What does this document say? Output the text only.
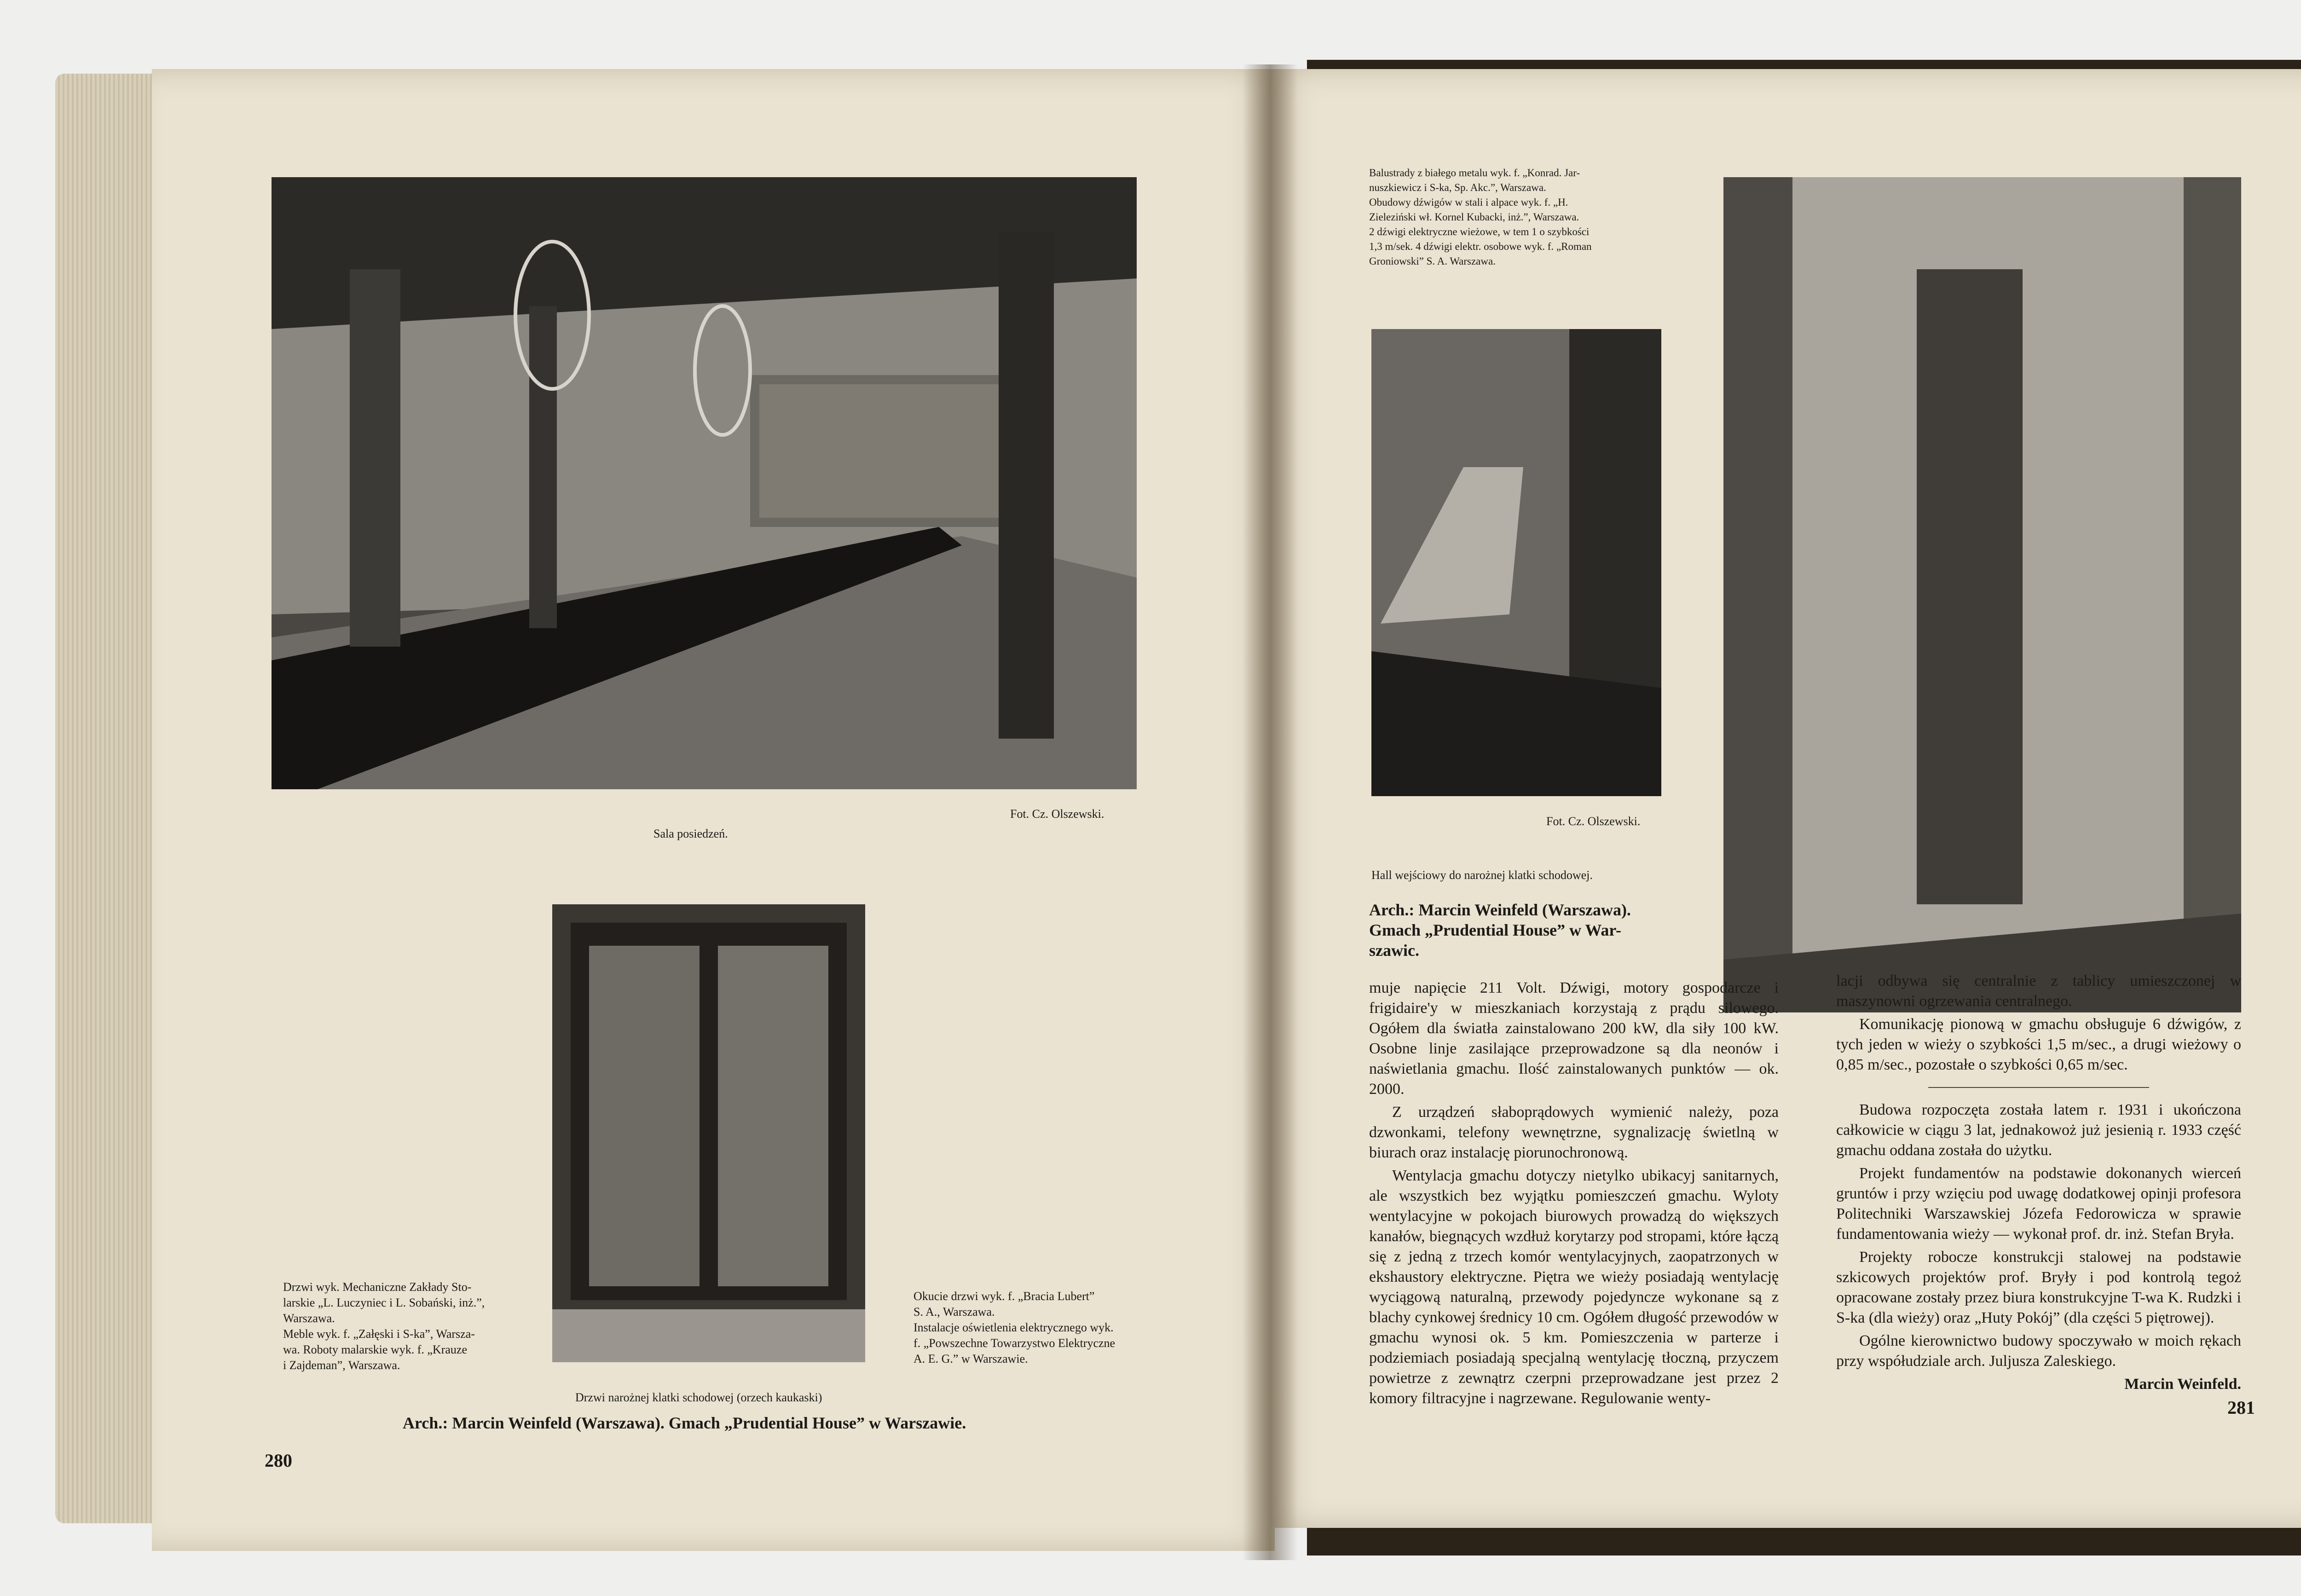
Sala posiedzeń.
Fot. Cz. Olszewski.
Drzwi wyk. Mechaniczne Zakłady Sto-
larskie „L. Luczyniec i L. Sobański, inż.”,
Warszawa.
Meble wyk. f. „Załęski i S-ka”, Warsza-
wa. Roboty malarskie wyk. f. „Krauze
i Zajdeman”, Warszawa.
Okucie drzwi wyk. f. „Bracia Lubert”
S. A., Warszawa.
Instalacje oświetlenia elektrycznego wyk.
f. „Powszechne Towarzystwo Elektryczne
A. E. G.” w Warszawie.
Drzwi narożnej klatki schodowej (orzech kaukaski)
Arch.: Marcin Weinfeld (Warszawa). Gmach „Prudential House” w Warszawie.
280
Balustrady z białego metalu wyk. f. „Konrad. Jar-
nuszkiewicz i S-ka, Sp. Akc.”, Warszawa.
Obudowy dźwigów w stali i alpace wyk. f. „H.
Zieleziński wł. Kornel Kubacki, inż.”, Warszawa.
2 dźwigi elektryczne wieżowe, w tem 1 o szybkości
1,3 m/sek. 4 dźwigi elektr. osobowe wyk. f. „Roman
Groniowski” S. A. Warszawa.
Fot. Cz. Olszewski.
Hall wejściowy do narożnej klatki schodowej.
Arch.: Marcin Weinfeld (Warszawa).
Gmach „Prudential House” w War-
szawic.

muje napięcie 211 Volt. Dźwigi, motory gospodarcze i frigidaire'y w mieszkaniach korzystają z prądu silowego. Ogółem dla światła zainstalowano 200 kW, dla siły 100 kW. Osobne linje zasilające przeprowadzone są dla neonów i naświetlania gmachu. Ilość zainstalowanych punktów — ok. 2000.

Z urządzeń słaboprądowych wymienić należy, poza dzwonkami, telefony wewnętrzne, sygnalizację świetlną w biurach oraz instalację piorunochronową.

Wentylacja gmachu dotyczy nietylko ubikacyj sanitarnych, ale wszystkich bez wyjątku pomieszczeń gmachu. Wyloty wentylacyjne w pokojach biurowych prowadzą do większych kanałów, biegnących wzdłuż korytarzy pod stropami, które łączą się z jedną z trzech komór wentylacyjnych, zaopatrzonych w ekshaustory elektryczne. Piętra we wieży posiadają wentylację wyciągową naturalną, przewody pojedyncze wykonane są z blachy cynkowej średnicy 10 cm. Ogółem długość przewodów w gmachu wynosi ok. 5 km. Pomieszczenia w parterze i podziemiach posiadają specjalną wentylację tłoczną, przyczem powietrze z zewnątrz czerpni przeprowadzane jest przez 2 komory filtracyjne i nagrzewane. Regulowanie wenty-

lacji odbywa się centralnie z tablicy umieszczonej w maszynowni ogrzewania centralnego.

Komunikację pionową w gmachu obsługuje 6 dźwigów, z tych jeden w wieży o szybkości 1,5 m/sec., a drugi wieżowy o 0,85 m/sec., pozostałe o szybkości 0,65 m/sec.

Budowa rozpoczęta została latem r. 1931 i ukończona całkowicie w ciągu 3 lat, jednakowoż już jesienią r. 1933 część gmachu oddana została do użytku.

Projekt fundamentów na podstawie dokonanych wierceń gruntów i przy wzięciu pod uwagę dodatkowej opinji profesora Politechniki Warszawskiej Józefa Fedorowicza w sprawie fundamentowania wieży — wykonał prof. dr. inż. Stefan Bryła.

Projekty robocze konstrukcji stalowej na podstawie szkicowych projektów prof. Bryły i pod kontrolą tegoż opracowane zostały przez biura konstrukcyjne T-wa K. Rudzki i S-ka (dla wieży) oraz „Huty Pokój” (dla części 5 piętrowej).

Ogólne kierownictwo budowy spoczywało w moich rękach przy współudziale arch. Juljusza Zaleskiego.

Marcin Weinfeld.
281
